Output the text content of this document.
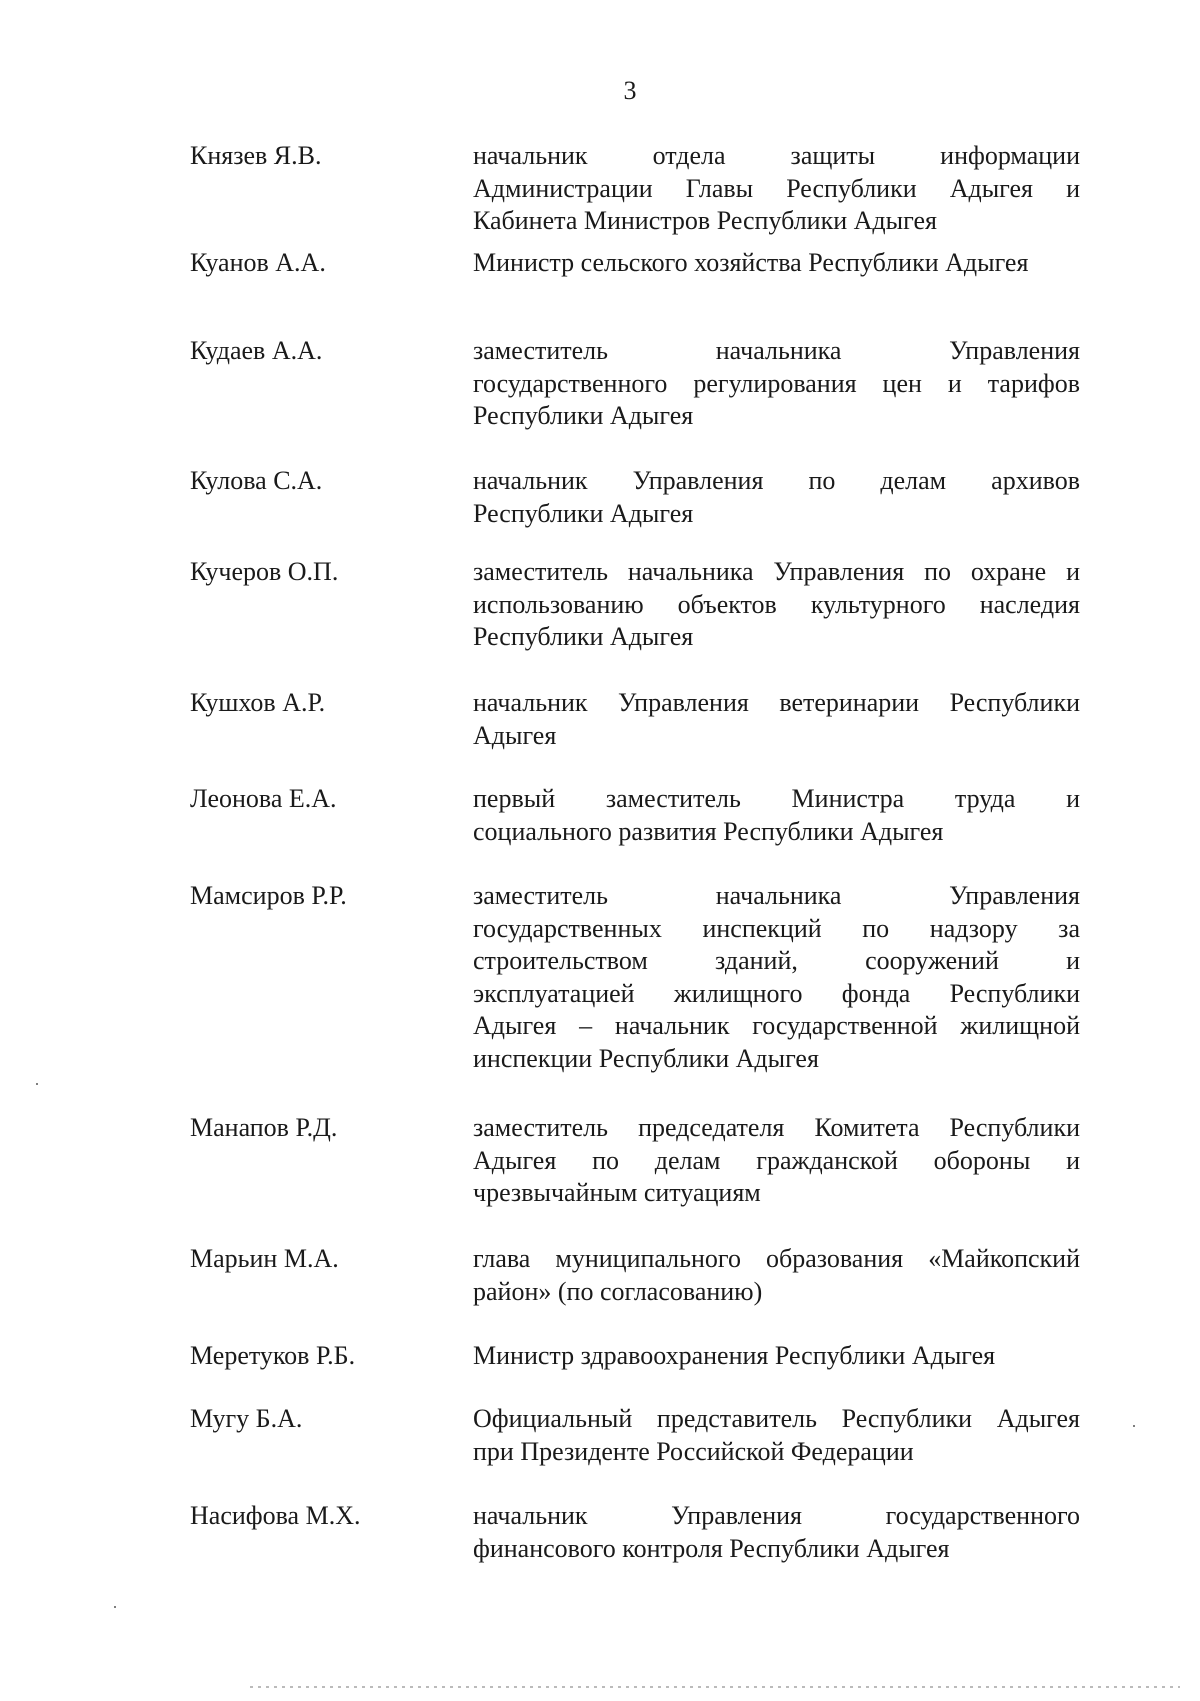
3
Князев Я.В.	начальник отдела защиты информации
Администрации Главы Республики Адыгея и
Кабинета Министров Республики Адыгея
Куанов А.А.	Министр сельского хозяйства Республики Адыгея
Кудаев А.А.	заместитель начальника Управления
государственного регулирования цен и тарифов
Республики Адыгея
Кулова С.А.	начальник Управления по делам архивов
Республики Адыгея
Кучеров О.П.	заместитель начальника Управления по охране и
использованию объектов культурного наследия
Республики Адыгея
Кушхов А.Р.	начальник Управления ветеринарии Республики
Адыгея
Леонова Е.А.	первый заместитель Министра труда и
социального развития Республики Адыгея
Мамсиров Р.Р.	заместитель начальника Управления
государственных инспекций по надзору за
строительством зданий, сооружений и
эксплуатацией жилищного фонда Республики
Адыгея – начальник государственной жилищной
инспекции Республики Адыгея
Манапов Р.Д.	заместитель председателя Комитета Республики
Адыгея по делам гражданской обороны и
чрезвычайным ситуациям
Марьин М.А.	глава муниципального образования «Майкопский
район» (по согласованию)
Меретуков Р.Б.	Министр здравоохранения Республики Адыгея
Мугу Б.А.	Официальный представитель Республики Адыгея
при Президенте Российской Федерации
Насифова М.Х.	начальник Управления государственного
финансового контроля Республики Адыгея
